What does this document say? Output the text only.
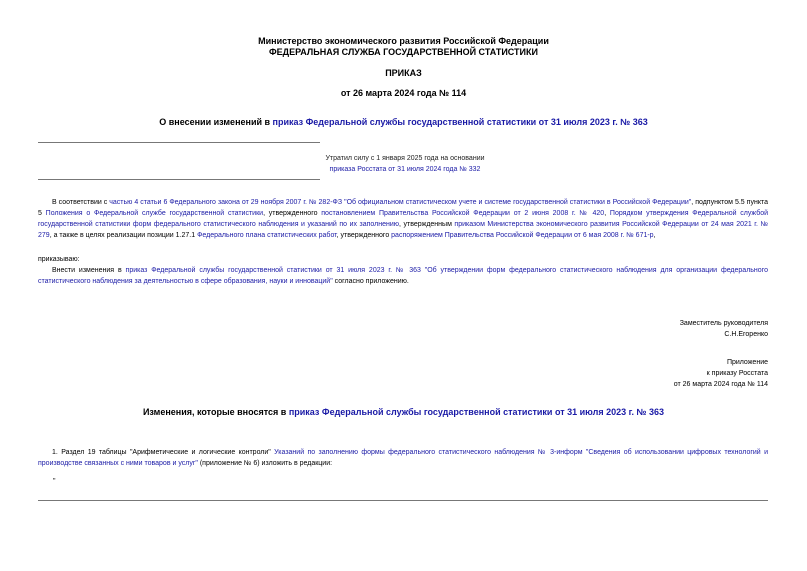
Министерство экономического развития Российской Федерации
ФЕДЕРАЛЬНАЯ СЛУЖБА ГОСУДАРСТВЕННОЙ СТАТИСТИКИ
ПРИКАЗ
от 26 марта 2024 года № 114
О внесении изменений в приказ Федеральной службы государственной статистики от 31 июля 2023 г. № 363
Утратил силу с 1 января 2025 года на основании
приказа Росстата от 31 июля 2024 года № 332
В соответствии с частью 4 статьи 6 Федерального закона от 29 ноября 2007 г. № 282-ФЗ "Об официальном статистическом учете и системе государственной статистики в Российской Федерации", подпунктом 5.5 пункта 5 Положения о Федеральной службе государственной статистики, утвержденного постановлением Правительства Российской Федерации от 2 июня 2008 г. № 420, Порядком утверждения Федеральной службой государственной статистики форм федерального статистического наблюдения и указаний по их заполнению, утвержденным приказом Министерства экономического развития Российской Федерации от 24 мая 2021 г. № 279, а также в целях реализации позиции 1.27.1 Федерального плана статистических работ, утвержденного распоряжением Правительства Российской Федерации от 6 мая 2008 г. № 671-р,
приказываю:
Внести изменения в приказ Федеральной службы государственной статистики от 31 июля 2023 г. № 363 "Об утверждении форм федерального статистического наблюдения для организации федерального статистического наблюдения за деятельностью в сфере образования, науки и инноваций" согласно приложению.
Заместитель руководителя
С.Н.Егоренко
Приложение
к приказу Росстата
от 26 марта 2024 года № 114
Изменения, которые вносятся в приказ Федеральной службы государственной статистики от 31 июля 2023 г. № 363
1. Раздел 19 таблицы "Арифметические и логические контроли" Указаний по заполнению формы федерального статистического наблюдения № 3-информ "Сведения об использовании цифровых технологий и производстве связанных с ними товаров и услуг" (приложение № 6) изложить в редакции:
"
